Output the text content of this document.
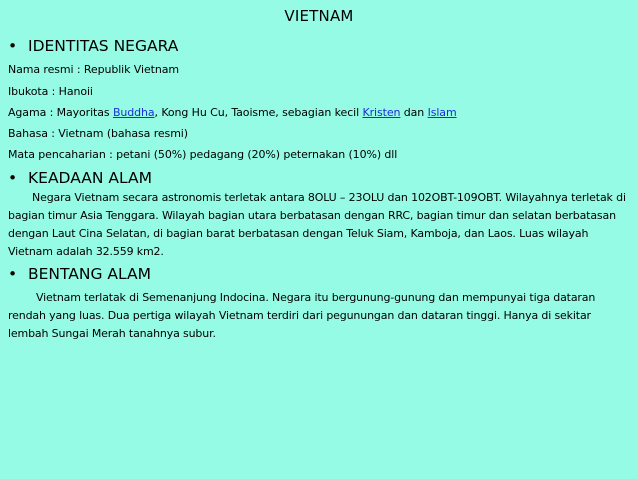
VIETNAM
• IDENTITAS NEGARA
Nama resmi : Republik Vietnam
Ibukota : Hanoii
Agama : Mayoritas Buddha, Kong Hu Cu, Taoisme, sebagian kecil Kristen dan Islam
Bahasa : Vietnam (bahasa resmi)
Mata pencaharian : petani (50%) pedagang (20%) peternakan (10%) dll
• KEADAAN ALAM
Negara Vietnam secara astronomis terletak antara 8OLU – 23OLU dan 102OBT-109OBT. Wilayahnya terletak di bagian timur Asia Tenggara. Wilayah bagian utara berbatasan dengan RRC, bagian timur dan selatan berbatasan dengan Laut Cina Selatan, di bagian barat berbatasan dengan Teluk Siam, Kamboja, dan Laos. Luas wilayah Vietnam adalah 32.559 km2.
• BENTANG ALAM
Vietnam terlatak di Semenanjung Indocina. Negara itu bergunung-gunung dan mempunyai tiga dataran rendah yang luas. Dua pertiga wilayah Vietnam terdiri dari pegunungan dan dataran tinggi. Hanya di sekitar lembah Sungai Merah tanahnya subur.
